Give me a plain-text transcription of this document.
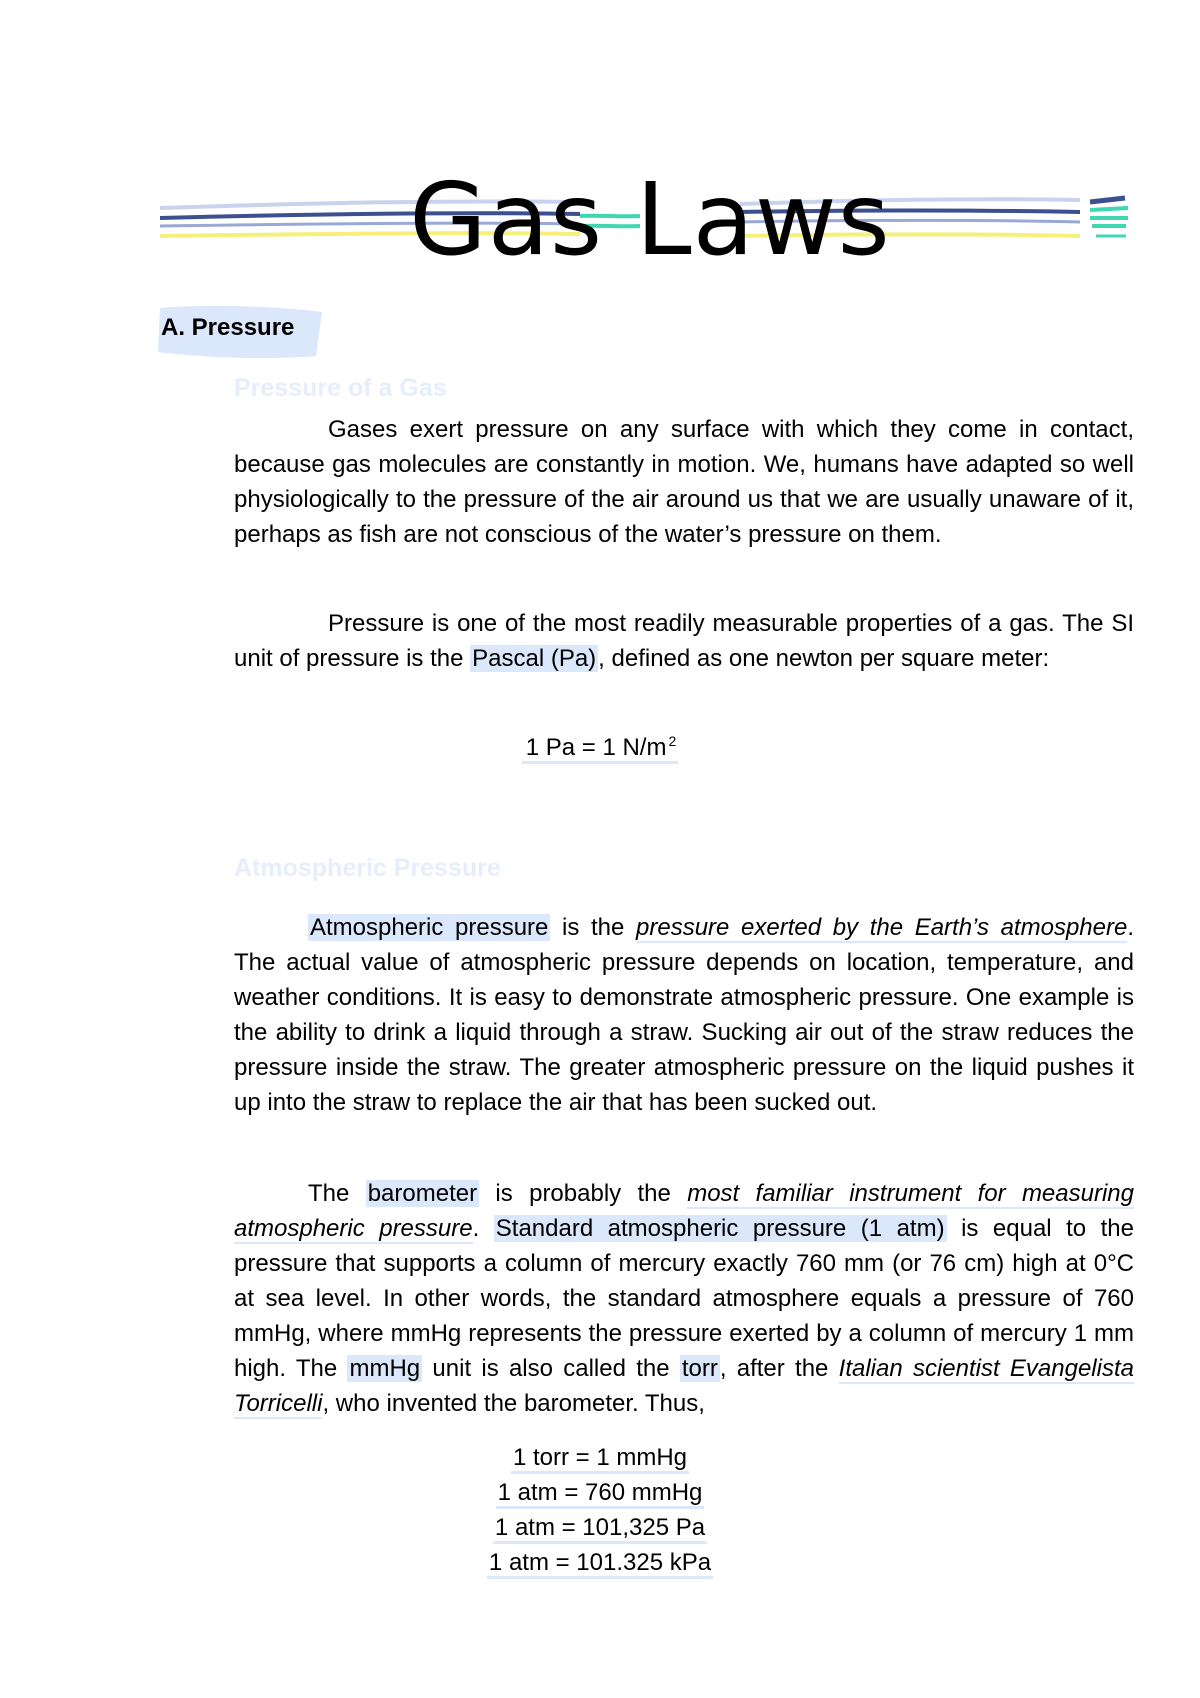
Gas Laws
A. Pressure
Pressure of a Gas

Gases exert pressure on any surface with which they come in contact, because gas molecules are constantly in motion. We, humans have adapted so well physiologically to the pressure of the air around us that we are usually unaware of it, perhaps as fish are not conscious of the water’s pressure on them.

Pressure is one of the most readily measurable properties of a gas. The SI unit of pressure is the Pascal (Pa), defined as one newton per square meter:

1 Pa = 1 N/m $^2$
Atmospheric Pressure

Atmospheric pressure is the pressure exerted by the Earth’s atmosphere. The actual value of atmospheric pressure depends on location, temperature, and weather conditions. It is easy to demonstrate atmospheric pressure. One example is the ability to drink a liquid through a straw. Sucking air out of the straw reduces the pressure inside the straw. The greater atmospheric pressure on the liquid pushes it up into the straw to replace the air that has been sucked out.

The barometer is probably the most familiar instrument for measuring atmospheric pressure. Standard atmospheric pressure (1 atm) is equal to the pressure that supports a column of mercury exactly 760 mm (or 76 cm) high at 0°C at sea level. In other words, the standard atmosphere equals a pressure of 760 mmHg, where mmHg represents the pressure exerted by a column of mercury 1 mm high. The mmHg unit is also called the torr, after the Italian scientist Evangelista Torricelli, who invented the barometer. Thus,

1 torr = 1 mmHg
1 atm = 760 mmHg
1 atm = 101,325 Pa
1 atm = 101.325 kPa
